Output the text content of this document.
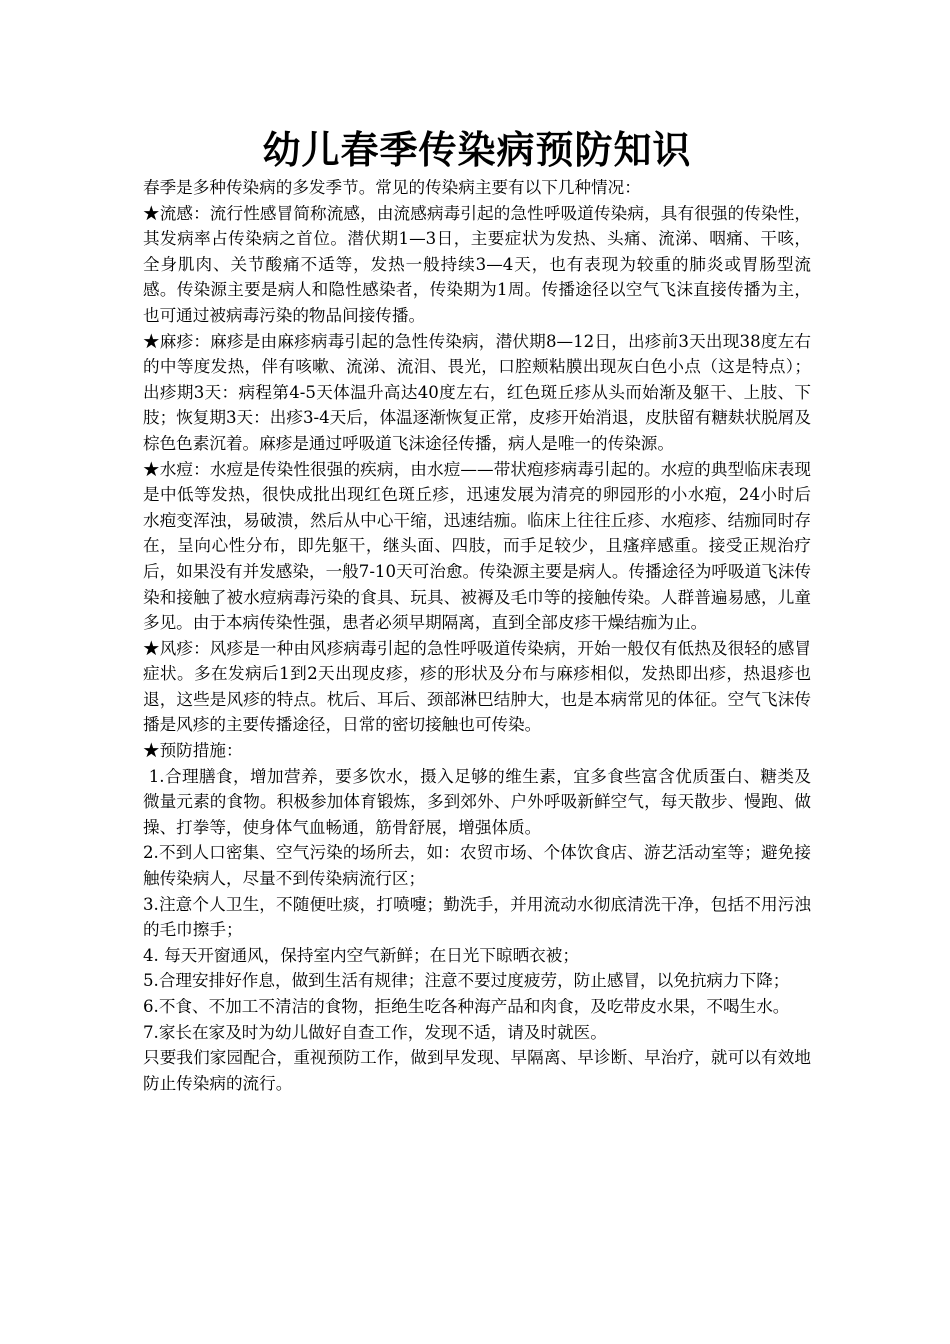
幼儿春季传染病预防知识

春季是多种传染病的多发季节。常见的传染病主要有以下几种情况：

★流感：流行性感冒简称流感，由流感病毒引起的急性呼吸道传染病，具有很强的传染性，其发病率占传染病之首位。潜伏期1—3日，主要症状为发热、头痛、流涕、咽痛、干咳，全身肌肉、关节酸痛不适等，发热一般持续3—4天，也有表现为较重的肺炎或胃肠型流感。传染源主要是病人和隐性感染者，传染期为1周。传播途径以空气飞沫直接传播为主，也可通过被病毒污染的物品间接传播。

★麻疹：麻疹是由麻疹病毒引起的急性传染病，潜伏期8—12日，出疹前3天出现38度左右的中等度发热，伴有咳嗽、流涕、流泪、畏光，口腔颊粘膜出现灰白色小点（这是特点）；出疹期3天：病程第4-5天体温升高达40度左右，红色斑丘疹从头而始渐及躯干、上肢、下肢；恢复期3天：出疹3-4天后，体温逐渐恢复正常，皮疹开始消退，皮肤留有糖麸状脱屑及棕色色素沉着。麻疹是通过呼吸道飞沫途径传播，病人是唯一的传染源。

★水痘：水痘是传染性很强的疾病，由水痘——带状疱疹病毒引起的。水痘的典型临床表现是中低等发热，很快成批出现红色斑丘疹，迅速发展为清亮的卵园形的小水疱，24小时后水疱变浑浊，易破溃，然后从中心干缩，迅速结痂。临床上往往丘疹、水疱疹、结痂同时存在，呈向心性分布，即先躯干，继头面、四肢，而手足较少，且瘙痒感重。接受正规治疗后，如果没有并发感染，一般7-10天可治愈。传染源主要是病人。传播途径为呼吸道飞沫传染和接触了被水痘病毒污染的食具、玩具、被褥及毛巾等的接触传染。人群普遍易感，儿童多见。由于本病传染性强，患者必须早期隔离，直到全部皮疹干燥结痂为止。

★风疹：风疹是一种由风疹病毒引起的急性呼吸道传染病，开始一般仅有低热及很轻的感冒症状。多在发病后1到2天出现皮疹，疹的形状及分布与麻疹相似，发热即出疹，热退疹也退，这些是风疹的特点。枕后、耳后、颈部淋巴结肿大，也是本病常见的体征。空气飞沫传播是风疹的主要传播途径，日常的密切接触也可传染。

★预防措施：

1.合理膳食，增加营养，要多饮水，摄入足够的维生素，宜多食些富含优质蛋白、糖类及微量元素的食物。积极参加体育锻炼，多到郊外、户外呼吸新鲜空气，每天散步、慢跑、做操、打拳等，使身体气血畅通，筋骨舒展，增强体质。

2.不到人口密集、空气污染的场所去，如：农贸市场、个体饮食店、游艺活动室等；避免接触传染病人，尽量不到传染病流行区；

3.注意个人卫生，不随便吐痰，打喷嚏；勤洗手，并用流动水彻底清洗干净，包括不用污浊的毛巾擦手；

4. 每天开窗通风，保持室内空气新鲜；在日光下晾晒衣被；

5.合理安排好作息，做到生活有规律；注意不要过度疲劳，防止感冒，以免抗病力下降；

6.不食、不加工不清洁的食物，拒绝生吃各种海产品和肉食，及吃带皮水果，不喝生水。

7.家长在家及时为幼儿做好自查工作，发现不适，请及时就医。

只要我们家园配合，重视预防工作，做到早发现、早隔离、早诊断、早治疗，就可以有效地防止传染病的流行。
